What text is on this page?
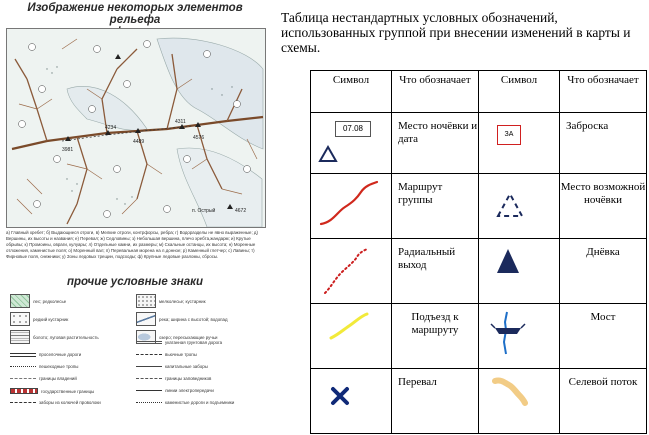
Изображение некоторых элементов рельефа

3981
4234
4489
4311
4576
4672
п. Острый
а) Главный хребет; б) Выдающиеся отроги, в) Мелкие отроги, контрфорсы, ребра; г) Водоразделы не явно выраженные; д) Вершины, их высоты и названия; е) Перевал; ж) Седловины; з) Небольшая вершина, плечо хребта,жандарм; и) Крутые обрывы; к) Промоины, овраги, кулуары; л) Отдельные камни, их размеры; м) Скальные останцы, их высота; н) Моренные отложения, каменистые поля; о) Моренный вал; п) Перевальная морена на л.донное; р) Каменный глетчер; с) Лавины; т) Фирновые поля, снежники; у) Зоны ледовых трещин, подсходы; ф) Крупные ледовые разломы, сбросы.
прочие условные знаки
лес; редколесье	мелколесье; кустарник
редкий кустарник	река; ширина с высотой; водопад
болото; луговая растительность	озеро; пересыхающие ручьи
проселочные дороги	вьючные тропы
пешеходные тропы	капитальные заборы
границы владений	границы заповедников
государственные границы	линии электропередачи
заборы из колючей проволоки	каменистые дороги и подъемники
укатанная грунтовая дорога
Таблица нестандартных условных обозначений, использованных группой при внесении изменений в карты и схемы.
Символ	Что обозначает	Символ	Что обозначает

07.08	Место ночёвки и дата	ЗА	Заброска

Маршрут группы		Место возможной ночёвки

Радиальный выход		Днёвка

Подъезд к маршруту		Мост

Перевал		Селевой поток
